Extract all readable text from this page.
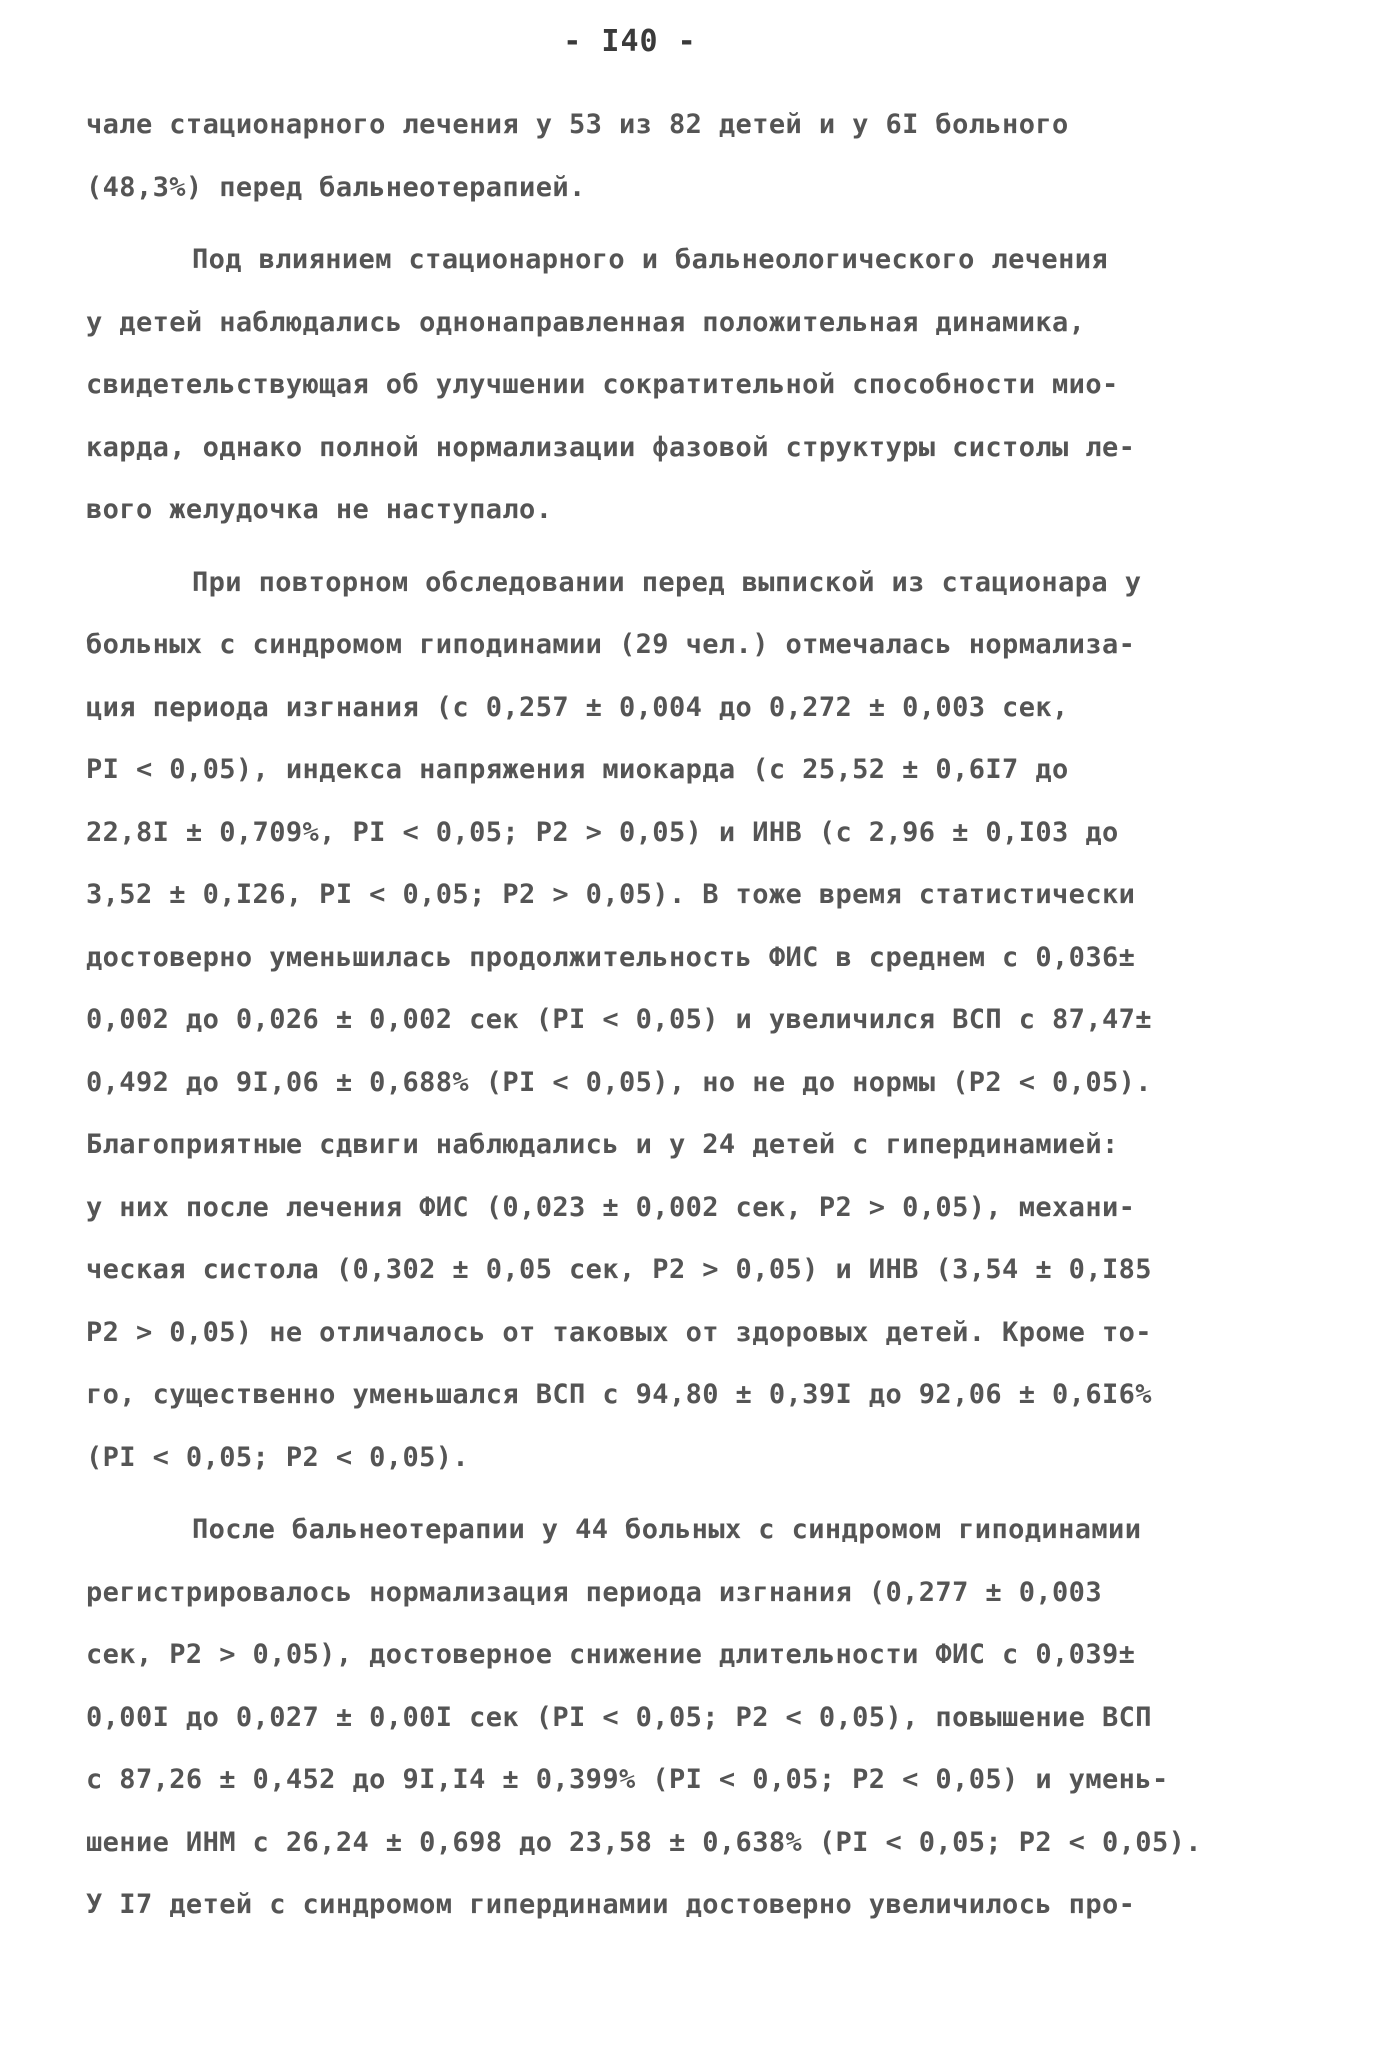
- I40 -
чале стационарного лечения у 53 из 82 детей и у 6I больного
(48,3%) перед бальнеотерапией.
Под влиянием стационарного и бальнеологического лечения
у детей наблюдались однонаправленная положительная динамика,
свидетельствующая об улучшении сократительной способности мио-
карда, однако полной нормализации фазовой структуры систолы ле-
вого желудочка не наступало.
При повторном обследовании перед выпиской из стационара у
больных с синдромом гиподинамии (29 чел.) отмечалась нормализа-
ция периода изгнания (с 0,257 ± 0,004 до 0,272 ± 0,003 сек,
PI < 0,05), индекса напряжения миокарда (с 25,52 ± 0,6I7 до
22,8I ± 0,709%, PI < 0,05; P2 > 0,05) и ИНВ (с 2,96 ± 0,I03 до
3,52 ± 0,I26, PI < 0,05; P2 > 0,05). В тоже время статистически
достоверно уменьшилась продолжительность ФИС в среднем с 0,036±
0,002 до 0,026 ± 0,002 сек (PI < 0,05) и увеличился ВСП с 87,47±
0,492 до 9I,06 ± 0,688% (PI < 0,05), но не до нормы (P2 < 0,05).
Благоприятные сдвиги наблюдались и у 24 детей с гипердинамией:
у них после лечения ФИС (0,023 ± 0,002 сек, P2 > 0,05), механи-
ческая систола (0,302 ± 0,05 сек, P2 > 0,05) и ИНВ (3,54 ± 0,I85
P2 > 0,05) не отличалось от таковых от здоровых детей. Кроме то-
го, существенно уменьшался ВСП с 94,80 ± 0,39I до 92,06 ± 0,6I6%
(PI < 0,05; P2 < 0,05).
После бальнеотерапии у 44 больных с синдромом гиподинамии
регистрировалось нормализация периода изгнания (0,277 ± 0,003
сек, P2 > 0,05), достоверное снижение длительности ФИС с 0,039±
0,00I до 0,027 ± 0,00I сек (PI < 0,05; P2 < 0,05), повышение ВСП
с 87,26 ± 0,452 до 9I,I4 ± 0,399% (PI < 0,05; P2 < 0,05) и умень-
шение ИНМ с 26,24 ± 0,698 до 23,58 ± 0,638% (PI < 0,05; P2 < 0,05).
У I7 детей с синдромом гипердинамии достоверно увеличилось про-
